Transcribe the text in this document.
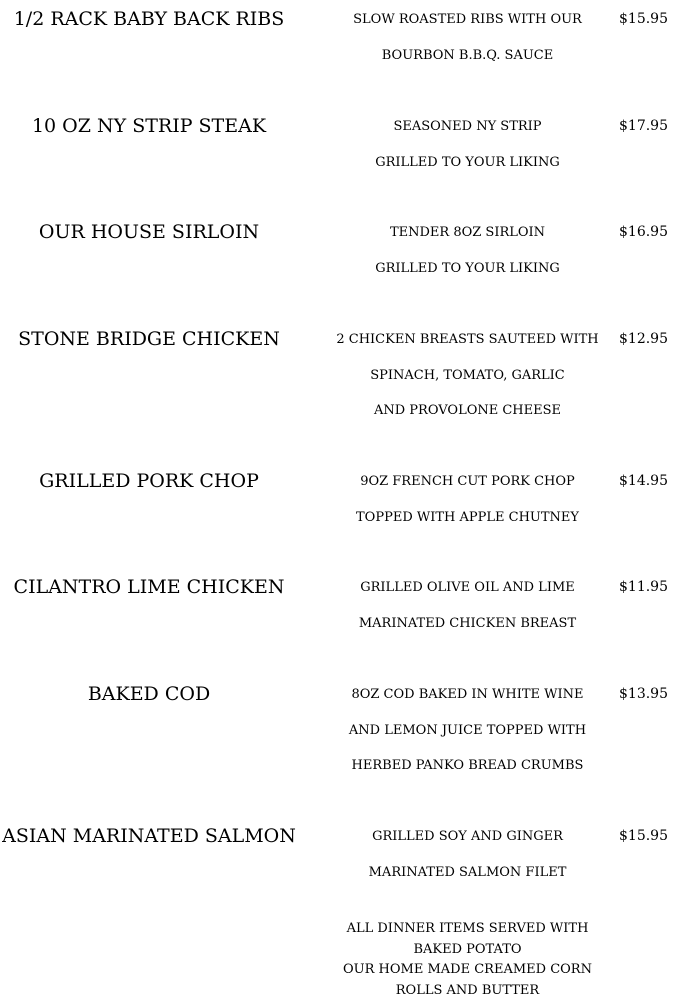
1/2 RACK BABY BACK RIBS	SLOW ROASTED RIBS WITH OUR
BOURBON B.B.Q. SAUCE
$15.95
10 OZ NY STRIP STEAK	SEASONED NY STRIP
GRILLED TO YOUR LIKING
$17.95
OUR HOUSE SIRLOIN	TENDER 8OZ SIRLOIN
GRILLED TO YOUR LIKING
$16.95
STONE BRIDGE CHICKEN	2 CHICKEN BREASTS SAUTEED WITH
SPINACH, TOMATO, GARLIC
AND PROVOLONE CHEESE
$12.95
GRILLED PORK CHOP	9OZ FRENCH CUT PORK CHOP
TOPPED WITH APPLE CHUTNEY
$14.95
CILANTRO LIME CHICKEN	GRILLED OLIVE OIL AND LIME
MARINATED CHICKEN BREAST
$11.95
BAKED COD	8OZ COD BAKED IN WHITE WINE
AND LEMON JUICE TOPPED WITH
HERBED PANKO BREAD CRUMBS
$13.95
ASIAN MARINATED SALMON	GRILLED SOY AND GINGER
MARINATED SALMON FILET
$15.95
ALL DINNER ITEMS SERVED WITH
BAKED POTATO
OUR HOME MADE CREAMED CORN
ROLLS AND BUTTER
